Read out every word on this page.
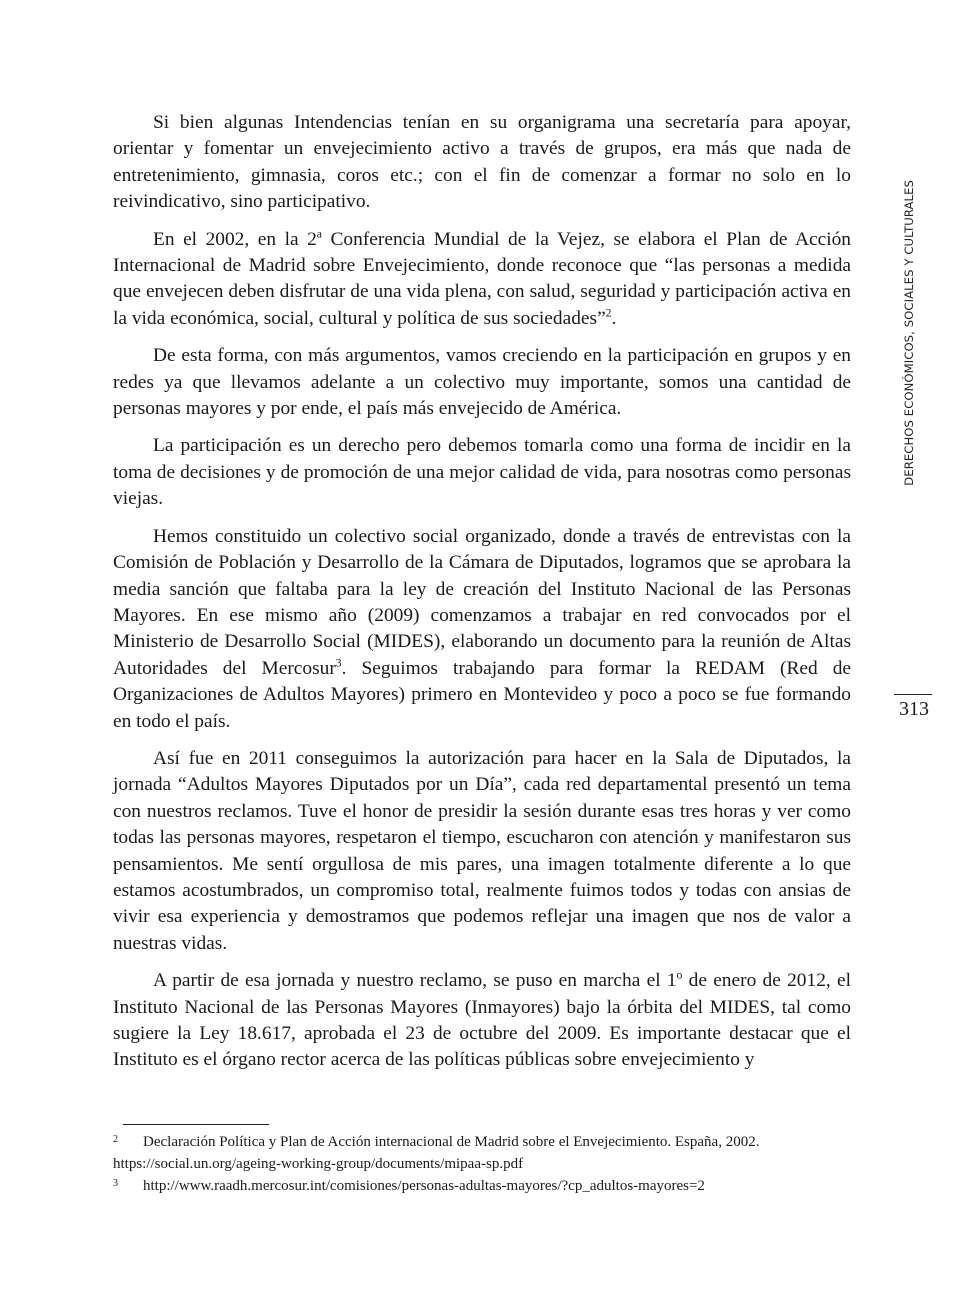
DERECHOS ECONÓMICOS, SOCIALES Y CULTURALES
313

Si bien algunas Intendencias tenían en su organigrama una secretaría para apoyar, orientar y fomentar un envejecimiento activo a través de grupos, era más que nada de entretenimiento, gimnasia, coros etc.; con el fin de comenzar a formar no solo en lo reivindicativo, sino participativo.

En el 2002, en la 2$^a$ Conferencia Mundial de la Vejez, se elabora el Plan de Acción Internacional de Madrid sobre Envejecimiento, donde reconoce que “las personas a medida que envejecen deben disfrutar de una vida plena, con salud, seguridad y participación activa en la vida económica, social, cultural y política de sus sociedades”$^2$.

De esta forma, con más argumentos, vamos creciendo en la participación en grupos y en redes ya que llevamos adelante a un colectivo muy importante, somos una cantidad de personas mayores y por ende, el país más envejecido de América.

La participación es un derecho pero debemos tomarla como una forma de incidir en la toma de decisiones y de promoción de una mejor calidad de vida, para nosotras como personas viejas.

Hemos constituido un colectivo social organizado, donde a través de entrevistas con la Comisión de Población y Desarrollo de la Cámara de Diputados, logramos que se aprobara la media sanción que faltaba para la ley de creación del Instituto Nacional de las Personas Mayores. En ese mismo año (2009) comenzamos a trabajar en red convocados por el Ministerio de Desarrollo Social (MIDES), elaborando un documento para la reunión de Altas Autoridades del Mercosur$^3$. Seguimos trabajando para formar la REDAM (Red de Organizaciones de Adultos Mayores) primero en Montevideo y poco a poco se fue formando en todo el país.

Así fue en 2011 conseguimos la autorización para hacer en la Sala de Diputados, la jornada “Adultos Mayores Diputados por un Día”, cada red departamental presentó un tema con nuestros reclamos. Tuve el honor de presidir la sesión durante esas tres horas y ver como todas las personas mayores, respetaron el tiempo, escucharon con atención y manifestaron sus pensamientos. Me sentí orgullosa de mis pares, una imagen totalmente diferente a lo que estamos acostumbrados, un compromiso total, realmente fuimos todos y todas con ansias de vivir esa experiencia y demostramos que podemos reflejar una imagen que nos de valor a nuestras vidas.

A partir de esa jornada y nuestro reclamo, se puso en marcha el 1$^o$ de enero de 2012, el Instituto Nacional de las Personas Mayores (Inmayores) bajo la órbita del MIDES, tal como sugiere la Ley 18.617, aprobada el 23 de octubre del 2009. Es importante destacar que el Instituto es el órgano rector acerca de las políticas públicas sobre envejecimiento y

2 Declaración Política y Plan de Acción internacional de Madrid sobre el Envejecimiento. España, 2002.
https://social.un.org/ageing-working-group/documents/mipaa-sp.pdf

3 http://www.raadh.mercosur.int/comisiones/personas-adultas-mayores/?cp_adultos-mayores=2
